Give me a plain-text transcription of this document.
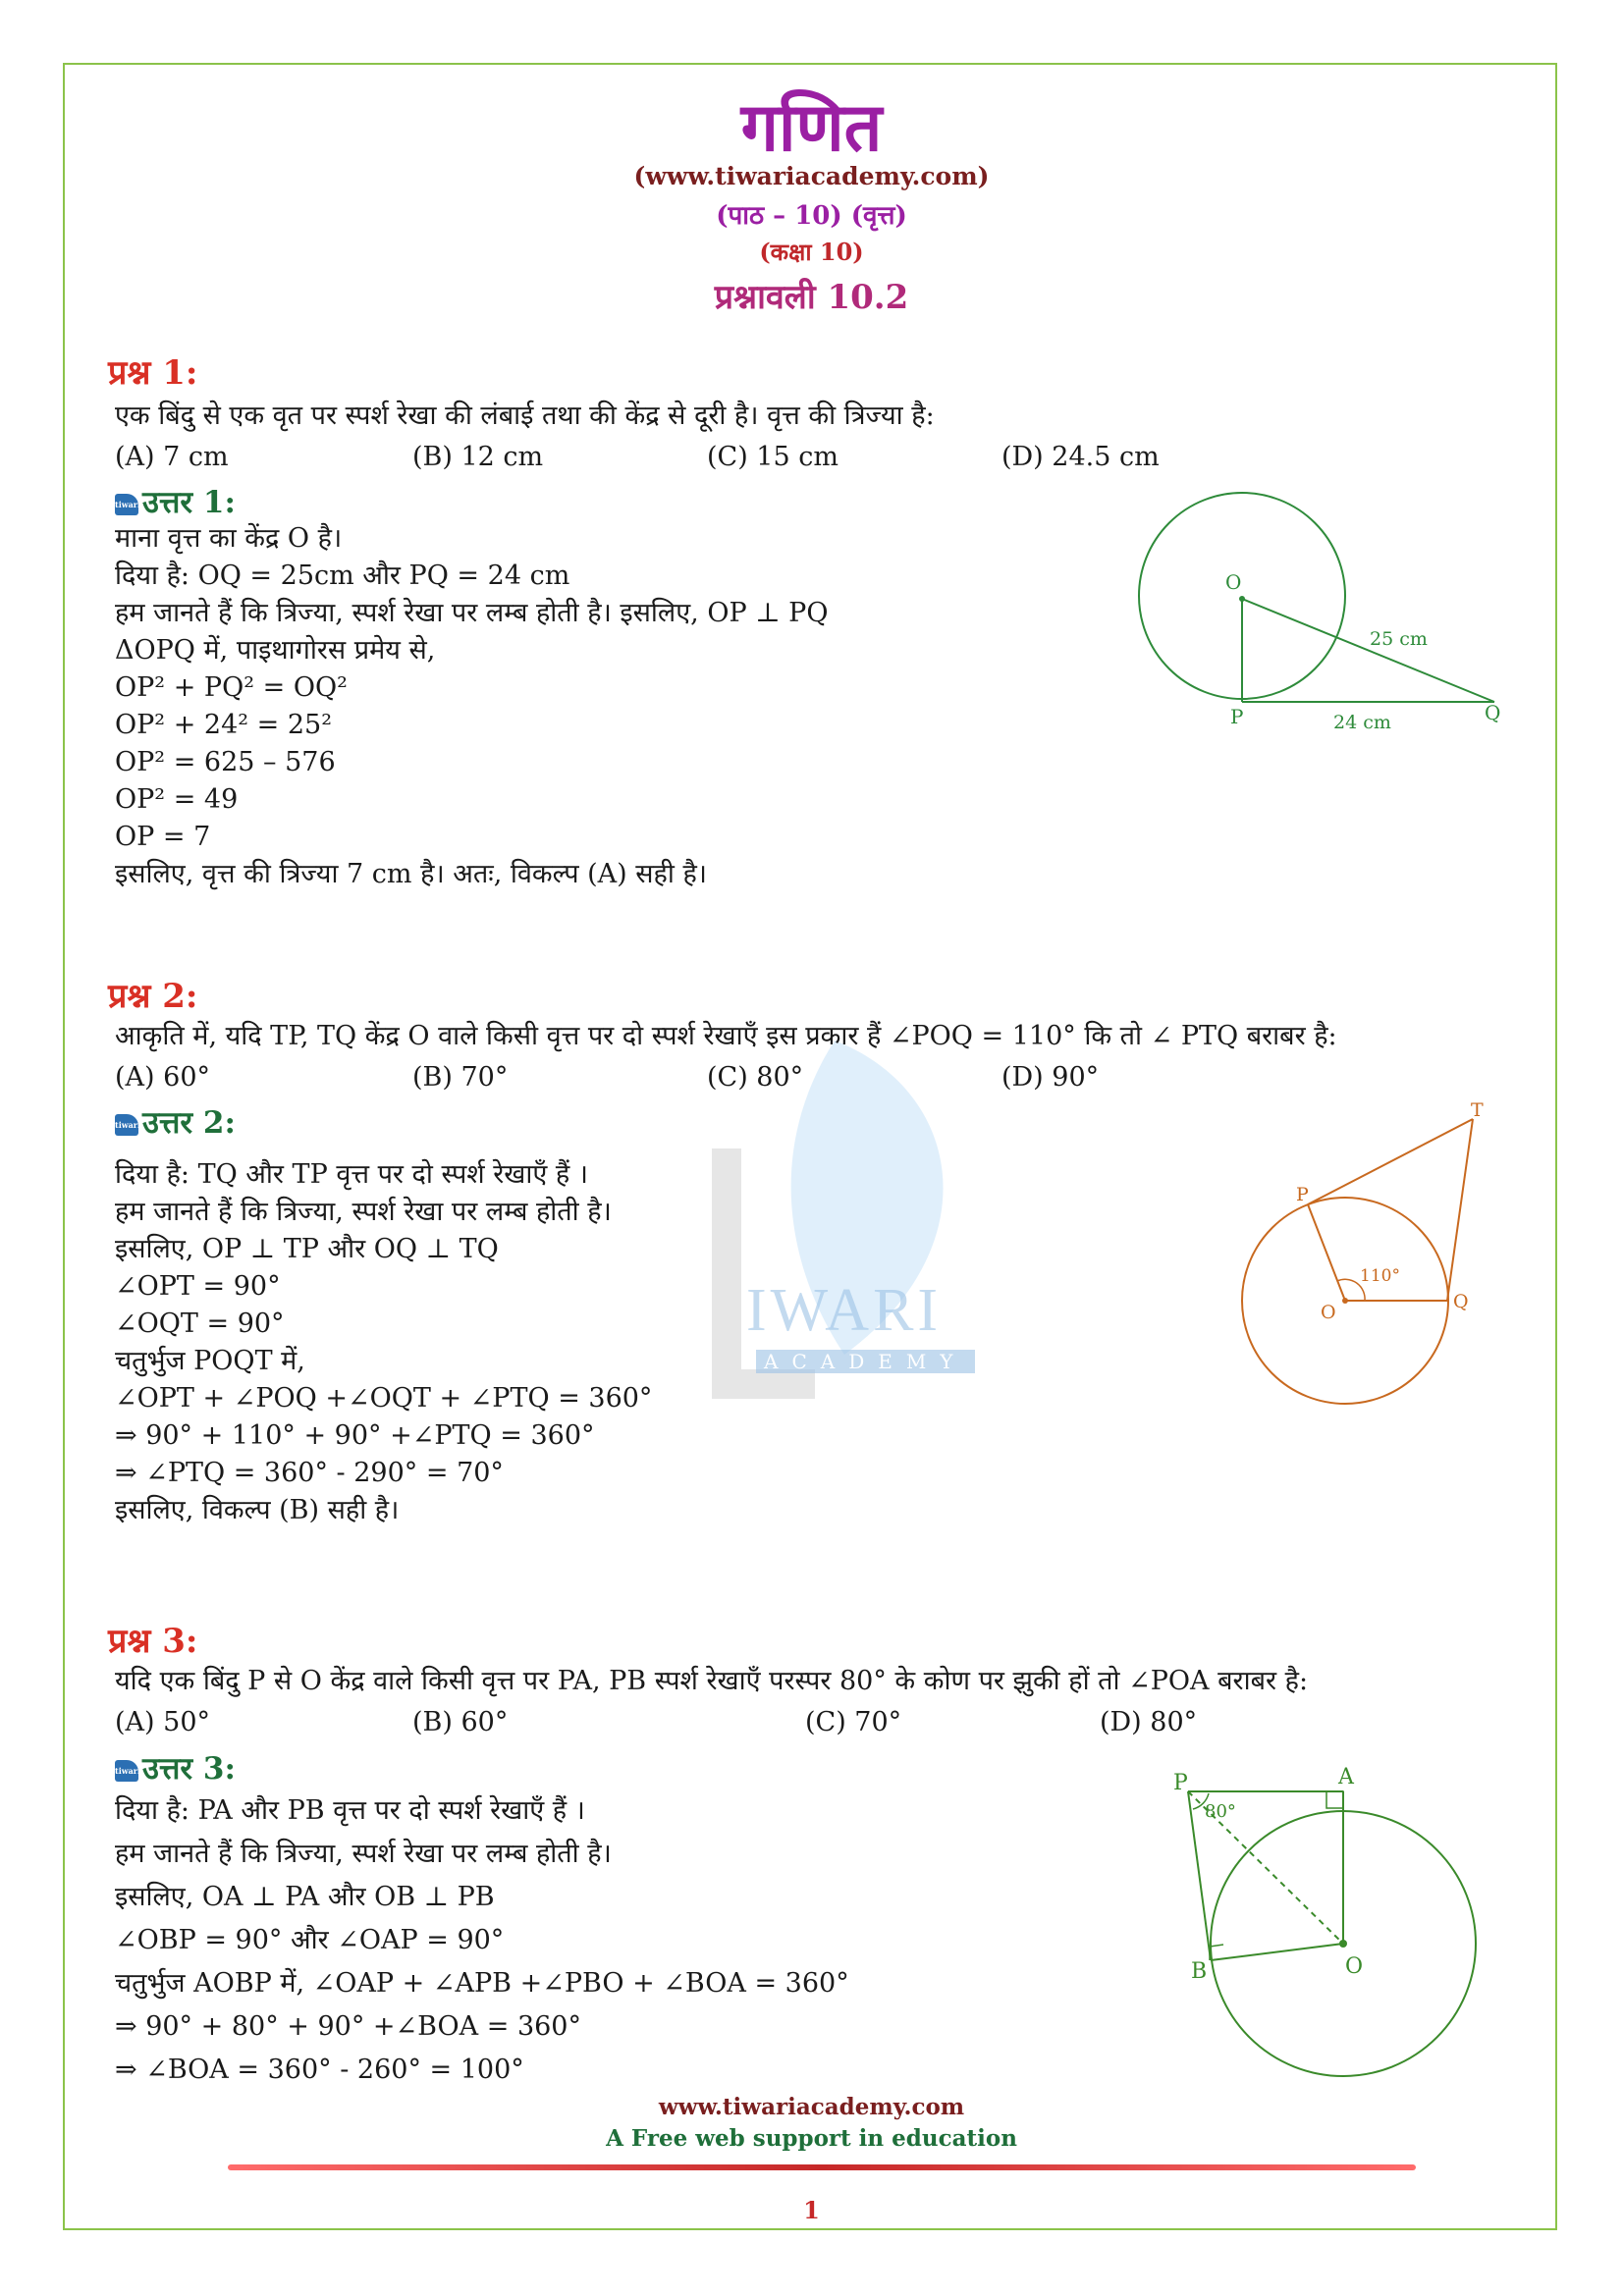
IWARI
ACADEMY
गणित
(www.tiwariacademy.com)
(पाठ – 10) (वृत्त)
(कक्षा 10)
प्रश्नावली 10.2
प्रश्न 1:
एक बिंदु से एक वृत पर स्पर्श रेखा की लंबाई तथा की केंद्र से दूरी है। वृत्त की त्रिज्या है:
(A) 7 cm	(B) 12 cm	(C) 15 cm	(D) 24.5 cm
tiwariउत्तर 1:
माना वृत्त का केंद्र O है।
दिया है: OQ = 25cm और PQ = 24 cm
हम जानते हैं कि त्रिज्या, स्पर्श रेखा पर लम्ब होती है। इसलिए, OP ⊥ PQ
ΔOPQ में, पाइथागोरस प्रमेय से,
OP² + PQ² = OQ²
OP² + 24² = 25²
OP² = 625 – 576
OP² = 49
OP = 7
इसलिए, वृत्त की त्रिज्या 7 cm है। अतः, विकल्प (A) सही है।
O
P	Q
25 cm
24 cm
प्रश्न 2:
आकृति में, यदि TP, TQ केंद्र O वाले किसी वृत्त पर दो स्पर्श रेखाएँ इस प्रकार हैं ∠POQ = 110° कि तो ∠ PTQ बराबर है:
(A) 60°	(B) 70°	(C) 80°	(D) 90°
tiwariउत्तर 2:
दिया है: TQ और TP वृत्त पर दो स्पर्श रेखाएँ हैं ।
हम जानते हैं कि त्रिज्या, स्पर्श रेखा पर लम्ब होती है।
इसलिए, OP ⊥ TP और OQ ⊥ TQ
∠OPT = 90°
∠OQT = 90°
चतुर्भुज POQT में,
∠OPT + ∠POQ +∠OQT + ∠PTQ = 360°
⇒ 90° + 110° + 90° +∠PTQ = 360°
⇒ ∠PTQ = 360° - 290° = 70°
इसलिए, विकल्प (B) सही है।
O
P
Q
T
110°
प्रश्न 3:
यदि एक बिंदु P से O केंद्र वाले किसी वृत्त पर PA, PB स्पर्श रेखाएँ परस्पर 80° के कोण पर झुकी हों तो ∠POA बराबर है:
(A) 50°	(B) 60°	(C) 70°	(D) 80°
tiwariउत्तर 3:
दिया है: PA और PB वृत्त पर दो स्पर्श रेखाएँ हैं ।
हम जानते हैं कि त्रिज्या, स्पर्श रेखा पर लम्ब होती है।
इसलिए, OA ⊥ PA और OB ⊥ PB
∠OBP = 90° और ∠OAP = 90°
चतुर्भुज AOBP में, ∠OAP + ∠APB +∠PBO + ∠BOA = 360°
⇒ 90° + 80° + 90° +∠BOA = 360°
⇒ ∠BOA = 360° - 260° = 100°
P	A
B	O
80°
www.tiwariacademy.com
A Free web support in education
1
